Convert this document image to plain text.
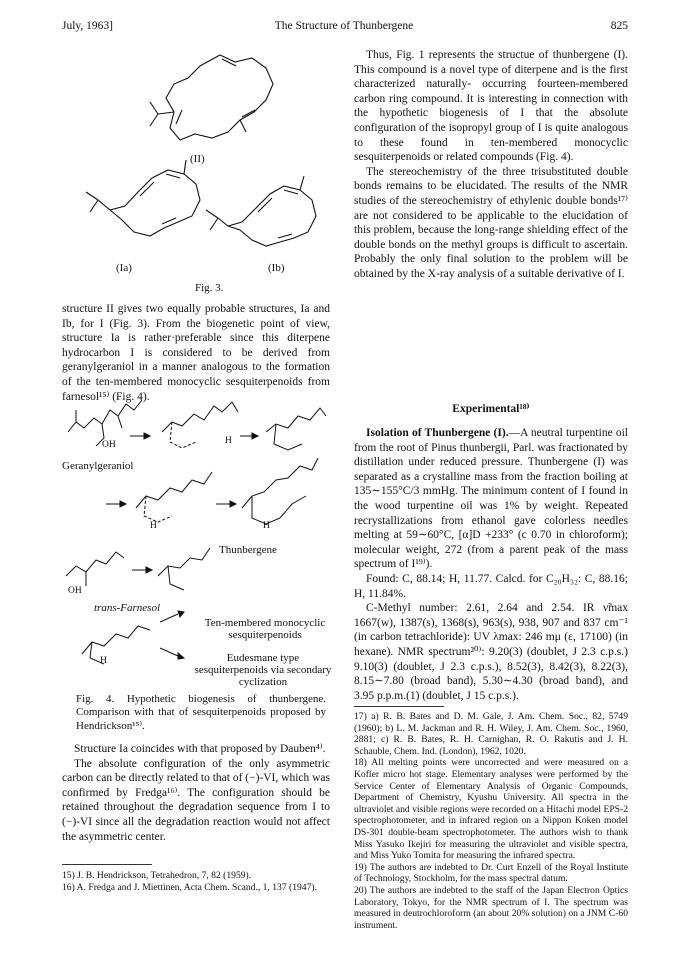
July, 1963]	The Structure of Thunbergene	825
(II)
(Ia)	(Ib)
Fig. 3.

structure II gives two equally probable structures, Ia and Ib, for I (Fig. 3). From the biogenetic point of view, structure Ia is rather·preferable since this diterpene hydrocarbon I is considered to be derived from geranylgeraniol in a manner analogous to the formation of the ten-membered monocyclic sesquiterpenoids from farnesol¹⁵⁾ (Fig. 4).

OH	H
Geranylgeraniol
H	H
Thunbergene
OH
trans-Farnesol
H
Ten-membered monocyclic sesquiterpenoids
Eudesmane type sesquiterpenoids via secondary cyclization

Fig. 4. Hypothetic biogenesis of thunbergene. Comparison with that of sesquiterpenoids proposed by Hendrickson¹⁵⁾.

Structure Ia coincides with that proposed by Dauben⁴⁾.

The absolute configuration of the only asymmetric carbon can be directly related to that of (−)-VI, which was confirmed by Fredga¹⁶⁾. The configuration should be retained throughout the degradation sequence from I to (−)-VI since all the degradation reaction would not affect the asymmetric center.

15) J. B. Hendrickson, Tetrahedron, 7, 82 (1959).

16) A. Fredga and J. Miettinen, Acta Chem. Scand., 1, 137 (1947).

Thus, Fig. 1 represents the structue of thunbergene (I). This compound is a novel type of diterpene and is the first characterized naturally- occurring fourteen-membered carbon ring compound. It is interesting in connection with the hypothetic biogenesis of I that the absolute configuration of the isopropyl group of I is quite analogous to these found in ten-membered monocyclic sesquiterpenoids or related compounds (Fig. 4).

The stereochemistry of the three trisubstituted double bonds remains to be elucidated. The results of the NMR studies of the stereochemistry of ethylenic double bonds¹⁷⁾ are not considered to be applicable to the elucidation of this problem, because the long-range shielding effect of the double bonds on the methyl groups is difficult to ascertain. Probably the only final solution to the problem will be obtained by the X-ray analysis of a suitable derivative of I.

Experimental¹⁸⁾

Isolation of Thunbergene (I).—A neutral turpentine oil from the root of Pinus thunbergii, Parl. was fractionated by distillation under reduced pressure. Thunbergene (I) was separated as a crystalline mass from the fraction boiling at 135∼155°C/3 mmHg. The minimum content of I found in the wood turpentine oil was 1% by weight. Repeated recrystallizations from ethanol gave colorless needles melting at 59∼60°C, [α]D +233° (c 0.70 in chloroform); molecular weight, 272 (from a parent peak of the mass spectrum of I¹⁹⁾).

Found: C, 88.14; H, 11.77. Calcd. for C₂₀H₃₂: C, 88.16; H, 11.84%.

C-Methyl number: 2.61, 2.64 and 2.54. IR ν̃max 1667(w), 1387(s), 1368(s), 963(s), 938, 907 and 837 cm⁻¹ (in carbon tetrachloride): UV λmax: 246 mμ (ε, 17100) (in hexane). NMR spectrum²⁰⁾: 9.20(3) (doublet, J 2.3 c.p.s.) 9.10(3) (doublet, J 2.3 c.p.s.), 8.52(3), 8.42(3), 8.22(3), 8.15∼7.80 (broad band), 5.30∼4.30 (broad band), and 3.95 p.p.m.(1) (doublet, J 15 c.p.s.).

17) a) R. B. Bates and D. M. Gale, J. Am. Chem. Soc., 82, 5749 (1960); b) L. M. Jackman and R. H. Wiley, J. Am. Chem. Soc., 1960, 2881; c) R. B. Bates, R. H. Carnighan, R. O. Rakutis and J. H. Schauble, Chem. Ind. (London), 1962, 1020.

18) All melting points were uncorrected and were measured on a Kofler micro hot stage. Elementary analyses were performed by the Service Center of Elementary Analysis of Organic Compounds, Department of Chemistry, Kyushu University. All spectra in the ultraviolet and visible regions were recorded on a Hitachi model EPS-2 spectrophotometer, and in infrared region on a Nippon Koken model DS-301 double-beam spectrophotometer. The authors wish to thank Miss Yasuko Ikejiri for measuring the ultraviolet and visible spectra, and Miss Yuko Tomita for measuring the infrared spectra.

19) The authors are indebted to Dr. Curt Enzell of the Royal Institute of Technology, Stockholm, for the mass spectral datum.

20) The authors are indebted to the staff of the Japan Electron Optics Laboratory, Tokyo, for the NMR spectrum of I. The spectrum was measured in deutrochloroform (an about 20% solution) on a JNM C-60 instrument.
